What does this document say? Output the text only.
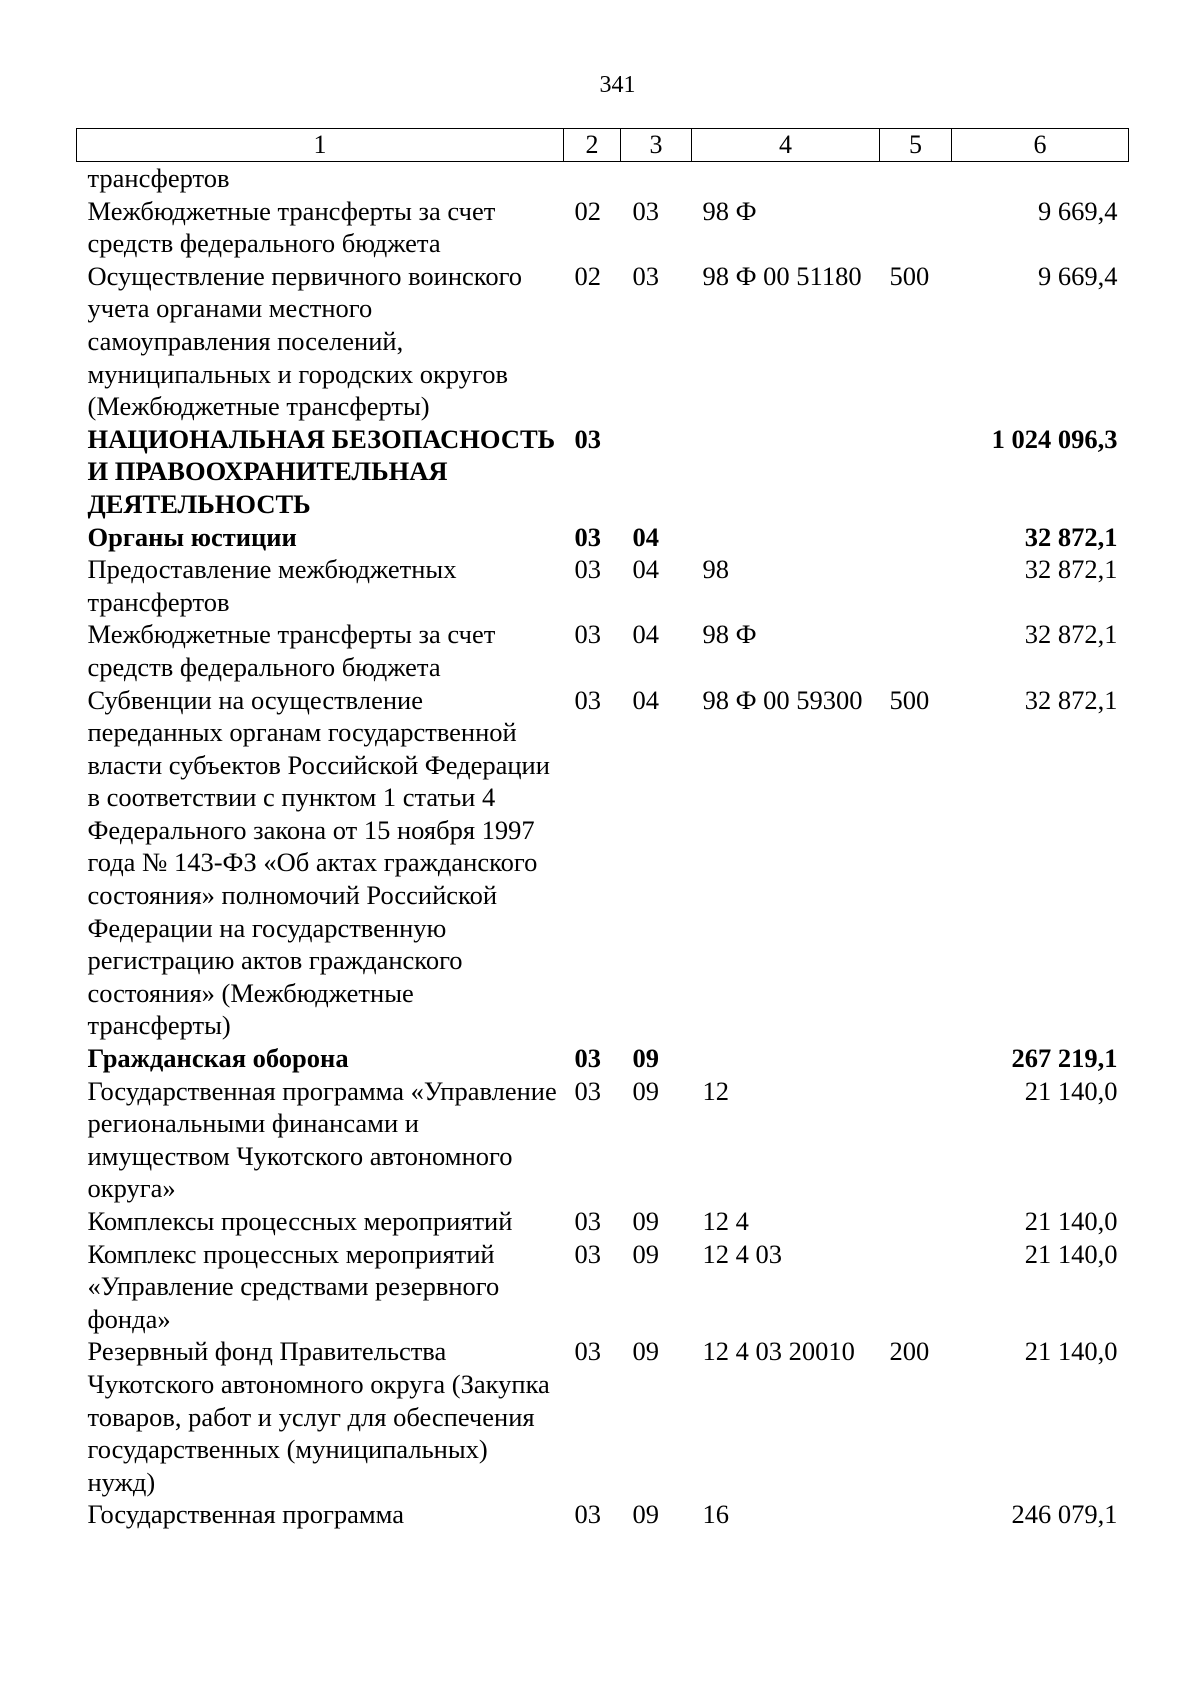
341
1	2	3	4	5	6
трансфертов					
Межбюджетные трансферты за счет средств федерального бюджета	02	03	98 Ф		9 669,4
Осуществление первичного воинского учета органами местного самоуправления поселений, муниципальных и городских округов (Межбюджетные трансферты)	02	03	98 Ф 00 51180	500	9 669,4
НАЦИОНАЛЬНАЯ БЕЗОПАСНОСТЬ И ПРАВООХРАНИТЕЛЬНАЯ ДЕЯТЕЛЬНОСТЬ	03				1 024 096,3
Органы юстиции	03	04			32 872,1
Предоставление межбюджетных трансфертов	03	04	98		32 872,1
Межбюджетные трансферты за счет средств федерального бюджета	03	04	98 Ф		32 872,1
Субвенции на осуществление переданных органам государственной власти субъектов Российской Федерации в соответствии с пунктом 1 статьи 4 Федерального закона от 15 ноября 1997 года № 143-ФЗ «Об актах гражданского состояния» полномочий Российской Федерации на государственную регистрацию актов гражданского состояния» (Межбюджетные трансферты)	03	04	98 Ф 00 59300	500	32 872,1
Гражданская оборона	03	09			267 219,1
Государственная программа «Управление региональными финансами и имуществом Чукотского автономного округа»	03	09	12		21 140,0
Комплексы процессных мероприятий	03	09	12 4		21 140,0
Комплекс процессных мероприятий «Управление средствами резервного фонда»	03	09	12 4 03		21 140,0
Резервный фонд Правительства Чукотского автономного округа (Закупка товаров, работ и услуг для обеспечения государственных (муниципальных) нужд)	03	09	12 4 03 20010	200	21 140,0
Государственная программа	03	09	16		246 079,1
